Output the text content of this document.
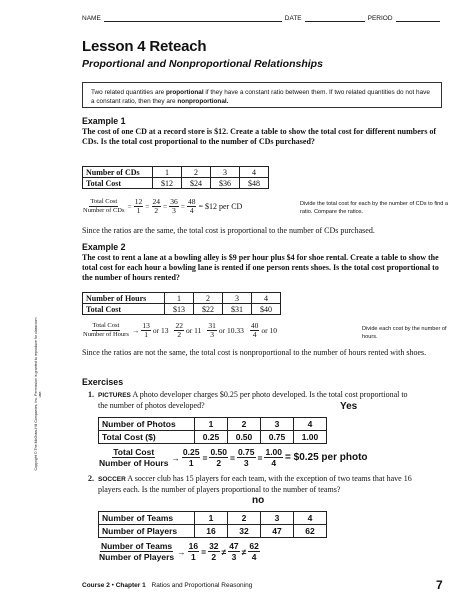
NAME	DATE	PERIOD
Lesson 4 Reteach
Proportional and Nonproportional Relationships
Two related quantities are proportional if they have a constant ratio between them. If two related quantities do not have a constant ratio, then they are nonproportional.
Example 1
The cost of one CD at a record store is $12. Create a table to show the total cost for different numbers of CDs. Is the total cost proportional to the number of CDs purchased?
Number of CDs	1	2	3	4
Total Cost	$12	$24	$36	$48
$\frac{\text{Total Cost}}{\text{Number of CDs}} = \frac{12}{1} = \frac{24}{2} = \frac{36}{3} = \frac{48}{4}$ = $12 per CD	Divide the total cost for each by the number of CDs to find a ratio. Compare the ratios.
Since the ratios are the same, the total cost is proportional to the number of CDs purchased.
Example 2
The cost to rent a lane at a bowling alley is $9 per hour plus $4 for shoe rental. Create a table to show the total cost for each hour a bowling lane is rented if one person rents shoes. Is the total cost proportional to the number of hours rented?
Number of Hours	1	2	3	4
Total Cost	$13	$22	$31	$40
$\frac{\text{Total Cost}}{\text{Number of Hours}} \to \frac{13}{1}$ or $13 \frac{22}{2}$ or $11 \frac{31}{3}$ or $10.33 \frac{40}{4}$ or 10	Divide each cost by the number of hours.
Since the ratios are not the same, the total cost is nonproportional to the number of hours rented with shoes.
Exercises
1. PICTURES A photo developer charges $0.25 per photo developed. Is the total cost proportional to the number of photos developed?	Yes
Number of Photos	1	2	3	4
Total Cost ($)	0.25	0.50	0.75	1.00
$\frac{\text{Total Cost}}{\text{Number of Hours}} \to \frac{0.25}{1} = \frac{0.50}{2} = \frac{0.75}{3} = \frac{1.00}{4}$ = $0.25 per photo
2. SOCCER A soccer club has 15 players for each team, with the exception of two teams that have 16 players each. Is the number of players proportional to the number of teams?
no
Number of Teams	1	2	3	4
Number of Players	16	32	47	62
$\frac{\text{Number of Teams}}{\text{Number of Players}} \to \frac{16}{1} = \frac{32}{2} \ne \frac{47}{3} \ne \frac{62}{4}$
Copyright © The McGraw-Hill Companies, Inc. Permission is granted to reproduce for classroom use.
Course 2 • Chapter 1 Ratios and Proportional Reasoning	7
